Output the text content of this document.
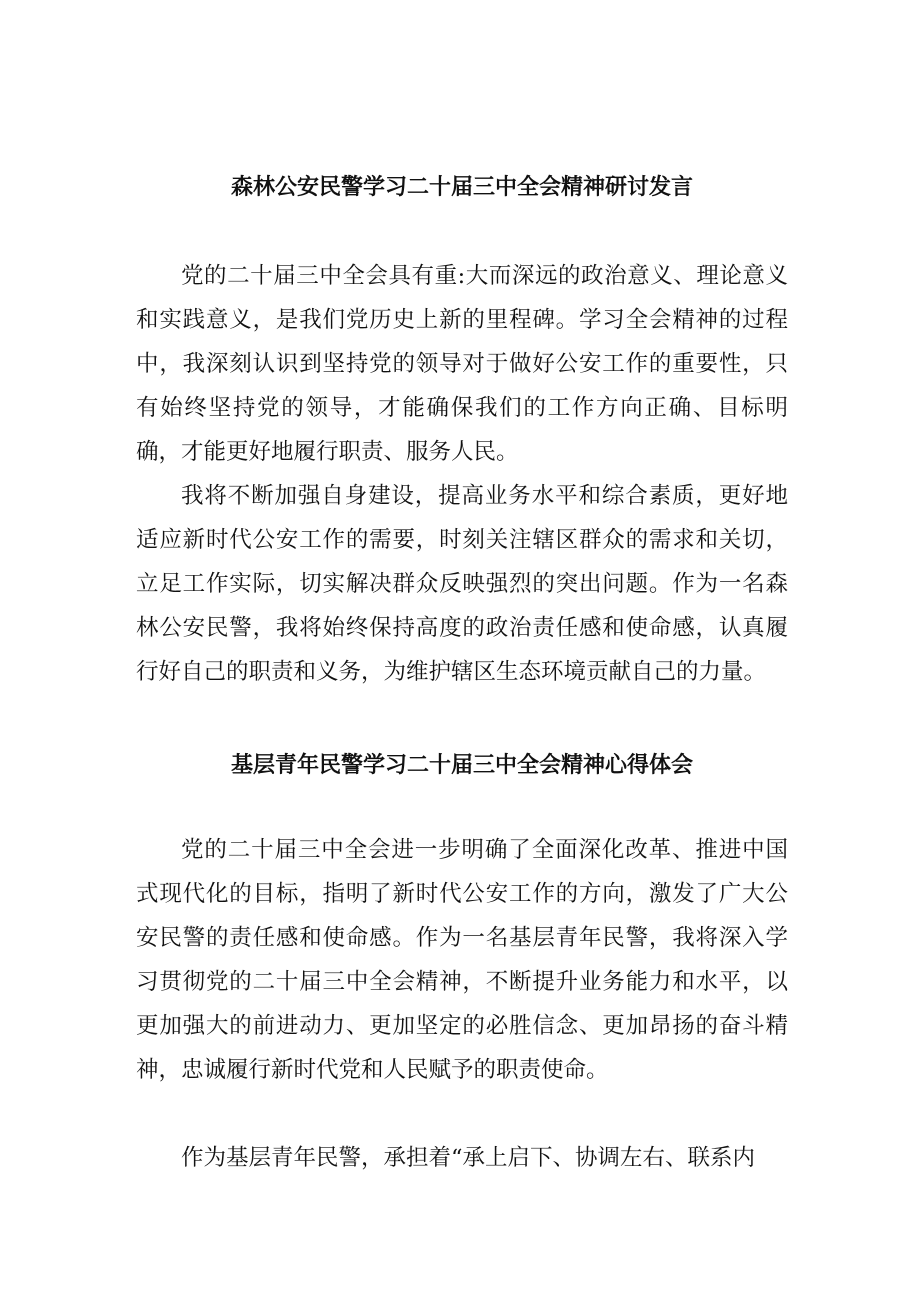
森林公安民警学习二十届三中全会精神研讨发言

党的二十届三中全会具有重:大而深远的政治意义、理论意义和实践意义，是我们党历史上新的里程碑。学习全会精神的过程中，我深刻认识到坚持党的领导对于做好公安工作的重要性，只有始终坚持党的领导，才能确保我们的工作方向正确、目标明确，才能更好地履行职责、服务人民。

我将不断加强自身建设，提高业务水平和综合素质，更好地适应新时代公安工作的需要，时刻关注辖区群众的需求和关切，立足工作实际，切实解决群众反映强烈的突出问题。作为一名森林公安民警，我将始终保持高度的政治责任感和使命感，认真履行好自己的职责和义务，为维护辖区生态环境贡献自己的力量。

基层青年民警学习二十届三中全会精神心得体会

党的二十届三中全会进一步明确了全面深化改革、推进中国式现代化的目标，指明了新时代公安工作的方向，激发了广大公安民警的责任感和使命感。作为一名基层青年民警，我将深入学习贯彻党的二十届三中全会精神，不断提升业务能力和水平，以更加强大的前进动力、更加坚定的必胜信念、更加昂扬的奋斗精神，忠诚履行新时代党和人民赋予的职责使命。

作为基层青年民警，承担着“承上启下、协调左右、联系内
